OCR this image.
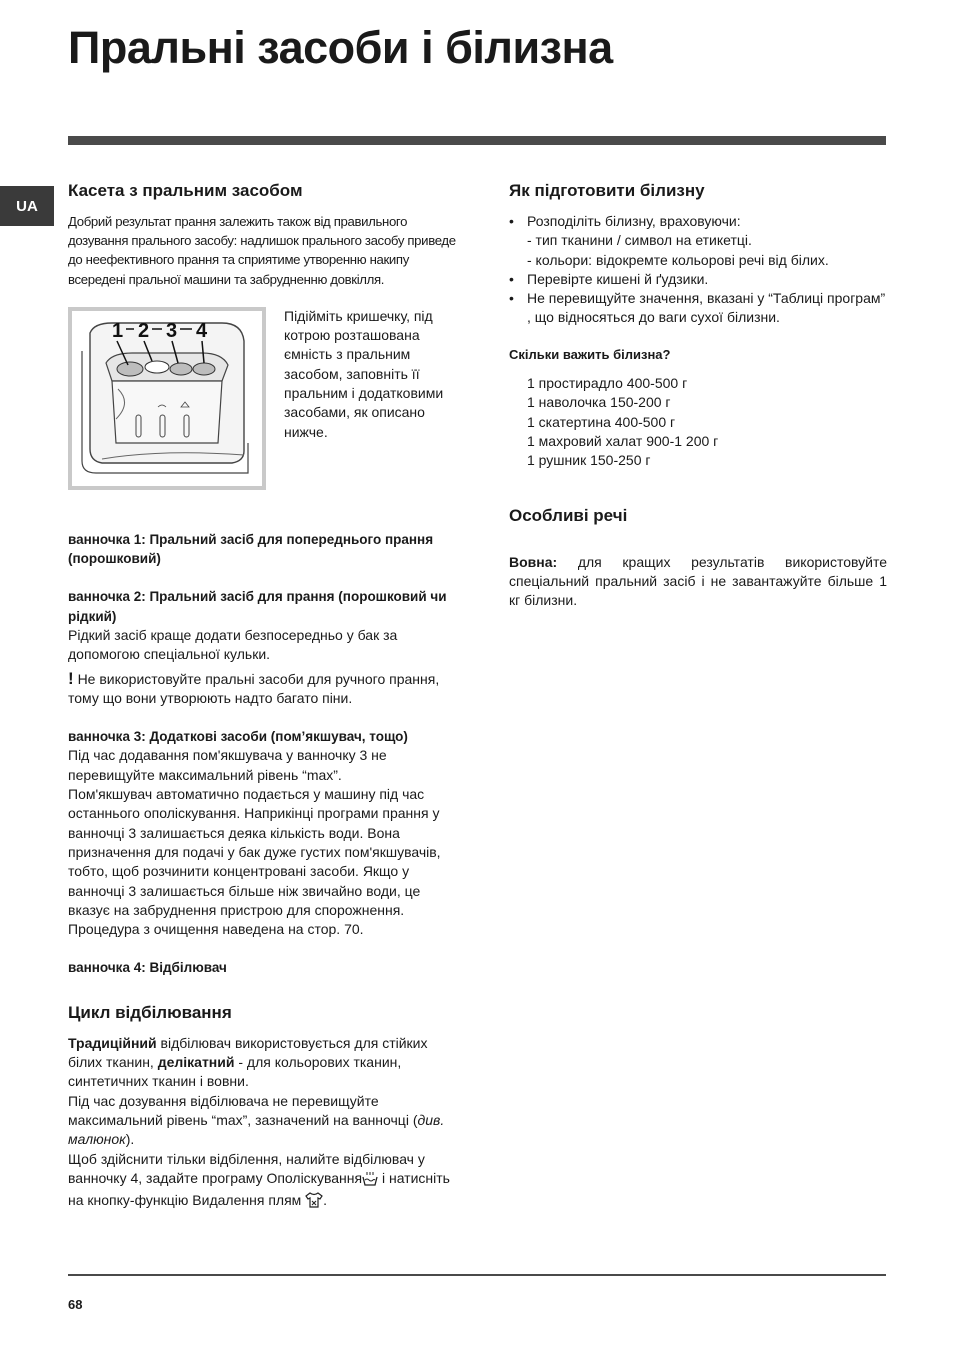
Пральні засоби і білизна
UA
Касета з пральним засобом

Добрий результат прання залежить також від правильного дозування прального засобу: надлишок прального засобу приведе до неефективного прання та сприятиме утворенню накипу всередені пральної машини та забрудненню довкілля.

1 2 3 4

Підійміть кришечку, під котрою розташована ємність з пральним засобом, заповніть її пральним і додатковими засобами, як описано нижче.

ванночка 1: Пральний засіб для попереднього прання (порошковий)

ванночка 2: Пральний засіб для прання (порошковий чи рідкий)

Рідкий засіб краще додати безпосередньо у бак за допомогою спеціальної кульки.

! Не використовуйте пральні засоби для ручного прання, тому що вони утворюють надто багато піни.

ванночка 3: Додаткові засоби (пом’якшувач, тощо)

Під час додавання пом'якшувача у ванночку 3 не перевищуйте максимальний рівень “max”.

Пом'якшувач автоматично подається у машину під час останнього ополіскування. Наприкінці програми прання у ванночці 3 залишається деяка кількість води. Вона призначення для подачі у бак дуже густих пом'якшувачів, тобто, щоб розчинити концентровані засоби. Якщо у ванночці 3 залишається більше ніж звичайно води, це вказує на забруднення пристрою для спорожнення. Процедура з очищення наведена на стор. 70.

ванночка 4: Відбілювач

Цикл відбілювання

Традиційний відбілювач використовується для стійких білих тканин, делікатний - для кольорових тканин, синтетичних тканин і вовни.

Під час дозування відбілювача не перевищуйте максимальний рівень “max”, зазначений на ванночці (див. малюнок).

Щоб здійснити тільки відбілення, налийте відбілювач у ванночку 4, задайте програму Ополіскування і натисніть на кнопку-функцію Видалення плям .

Як підготовити білизну
• Розподіліть білизну, враховуючи:
- тип тканини / символ на етикетці.
- кольори: відокремте кольорові речі від білих.
• Перевірте кишені й ґудзики.
• Не перевищуйте значення, вказані у “Таблиці програм” , що відносяться до ваги сухої білизни.

Скільки важить білизна?

1 простирадло 400-500 г
1 наволочка 150-200 г
1 скатертина 400-500 г
1 махровий халат 900-1 200 г
1 рушник 150-250 г
Особливі речі

Вовна: для кращих результатів використовуйте спеціальний пральний засіб і не завантажуйте більше 1 кг білизни.

68
